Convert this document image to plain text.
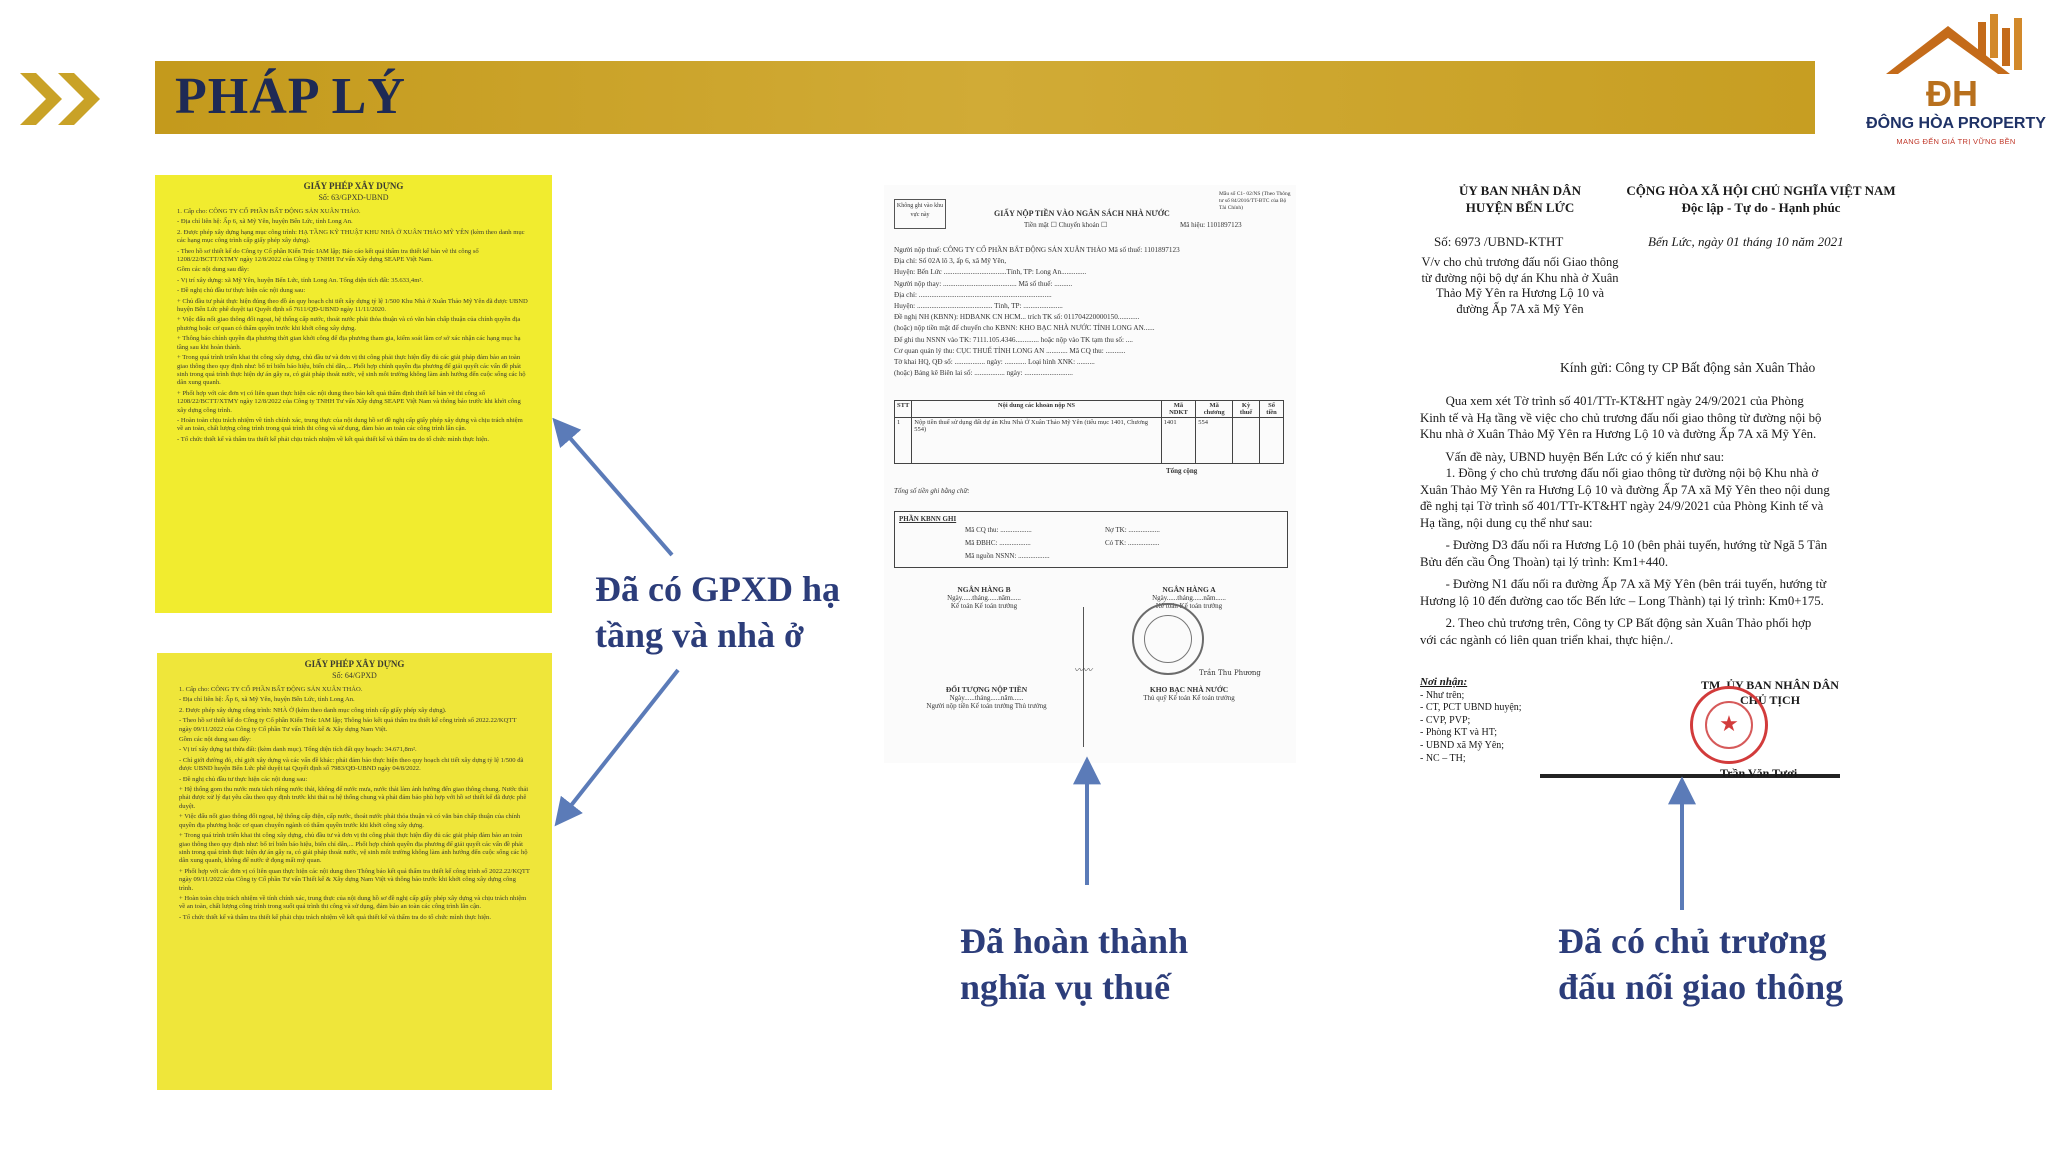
PHÁP LÝ	ĐH
ĐÔNG HÒA PROPERTY
MANG ĐẾN GIÁ TRỊ VỮNG BỀN
GIẤY PHÉP XÂY DỰNG
Số: 63/GPXD-UBND

1. Cấp cho: CÔNG TY CỔ PHẦN BẤT ĐỘNG SẢN XUÂN THẢO.

- Địa chỉ liên hệ: Ấp 6, xã Mỹ Yên, huyện Bến Lức, tỉnh Long An.

2. Được phép xây dựng hạng mục công trình: HẠ TẦNG KỸ THUẬT KHU NHÀ Ở XUÂN THẢO MỸ YÊN (kèm theo danh mục các hạng mục công trình cấp giấy phép xây dựng).

- Theo hồ sơ thiết kế do Công ty Cổ phần Kiến Trúc IAM lập; Báo cáo kết quả thẩm tra thiết kế bản vẽ thi công số 1208/22/BCTT/XTMY ngày 12/8/2022 của Công ty TNHH Tư vấn Xây dựng SEAPE Việt Nam.

Gồm các nội dung sau đây:

- Vị trí xây dựng: xã Mỹ Yên, huyện Bến Lức, tỉnh Long An. Tổng diện tích đất: 35.633,4m².

- Đề nghị chủ đầu tư thực hiện các nội dung sau:

+ Chủ đầu tư phải thực hiện đúng theo đồ án quy hoạch chi tiết xây dựng tỷ lệ 1/500 Khu Nhà ở Xuân Thảo Mỹ Yên đã được UBND huyện Bến Lức phê duyệt tại Quyết định số 7611/QĐ-UBND ngày 11/11/2020.

+ Việc đấu nối giao thông đối ngoại, hệ thống cấp nước, thoát nước phải thỏa thuận và có văn bản chấp thuận của chính quyền địa phương hoặc cơ quan có thẩm quyền trước khi khởi công xây dựng.

+ Thông báo chính quyền địa phương thời gian khởi công để địa phương tham gia, kiểm soát làm cơ sở xác nhận các hạng mục hạ tầng sau khi hoàn thành.

+ Trong quá trình triển khai thi công xây dựng, chủ đầu tư và đơn vị thi công phải thực hiện đầy đủ các giải pháp đảm bảo an toàn giao thông theo quy định như: bố trí biển báo hiệu, biển chỉ dẫn,... Phối hợp chính quyền địa phương để giải quyết các vấn đề phát sinh trong quá trình thực hiện dự án gây ra, có giải pháp thoát nước, vệ sinh môi trường không làm ảnh hưởng đến cuộc sống các hộ dân xung quanh.

+ Phối hợp với các đơn vị có liên quan thực hiện các nội dung theo báo kết quả thẩm định thiết kế bản vẽ thi công số 1208/22/BCTT/XTMY ngày 12/8/2022 của Công ty TNHH Tư vấn Xây dựng SEAPE Việt Nam và thông báo trước khi khởi công xây dựng công trình.

- Hoàn toàn chịu trách nhiệm về tính chính xác, trung thực của nội dung hồ sơ đề nghị cấp giấy phép xây dựng và chịu trách nhiệm về an toàn, chất lượng công trình trong quá trình thi công và sử dụng, đảm bảo an toàn các công trình lân cận.

- Tổ chức thiết kế và thẩm tra thiết kế phải chịu trách nhiệm về kết quả thiết kế và thẩm tra do tổ chức mình thực hiện.

GIẤY PHÉP XÂY DỰNG
Số: 64/GPXD

1. Cấp cho: CÔNG TY CỔ PHẦN BẤT ĐỘNG SẢN XUÂN THẢO.

- Địa chỉ liên hệ: Ấp 6, xã Mỹ Yên, huyện Bến Lức, tỉnh Long An.

2. Được phép xây dựng công trình: NHÀ Ở (kèm theo danh mục công trình cấp giấy phép xây dựng).

- Theo hồ sơ thiết kế do Công ty Cổ phần Kiến Trúc IAM lập; Thông báo kết quả thẩm tra thiết kế công trình số 2022.22/KQTT ngày 09/11/2022 của Công ty Cổ phần Tư vấn Thiết kế & Xây dựng Nam Việt.

Gồm các nội dung sau đây:

- Vị trí xây dựng tại thửa đất: (kèm danh mục). Tổng diện tích đất quy hoạch: 34.671,8m².

- Chỉ giới đường đỏ, chỉ giới xây dựng và các vấn đề khác: phải đảm bảo thực hiện theo quy hoạch chi tiết xây dựng tỷ lệ 1/500 đã được UBND huyện Bến Lức phê duyệt tại Quyết định số 7983/QĐ-UBND ngày 04/8/2022.

- Đề nghị chủ đầu tư thực hiện các nội dung sau:

+ Hệ thống gom thu nước mưa tách riêng nước thải, không để nước mưa, nước thải làm ảnh hưởng đến giao thông chung. Nước thải phải được xử lý đạt yêu cầu theo quy định trước khi thải ra hệ thống chung và phải đảm bảo phù hợp với hồ sơ thiết kế đã được phê duyệt.

+ Việc đấu nối giao thông đối ngoại, hệ thống cấp điện, cấp nước, thoát nước phải thỏa thuận và có văn bản chấp thuận của chính quyền địa phương hoặc cơ quan chuyên ngành có thẩm quyền trước khi khởi công xây dựng.

+ Trong quá trình triển khai thi công xây dựng, chủ đầu tư và đơn vị thi công phải thực hiện đầy đủ các giải pháp đảm bảo an toàn giao thông theo quy định như: bố trí biển báo hiệu, biển chỉ dẫn,... Phối hợp chính quyền địa phương để giải quyết các vấn đề phát sinh trong quá trình thực hiện dự án gây ra, có giải pháp thoát nước, vệ sinh môi trường không làm ảnh hưởng đến cuộc sống các hộ dân xung quanh, không để nước ứ đọng mất mỹ quan.

+ Phối hợp với các đơn vị có liên quan thực hiện các nội dung theo Thông báo kết quả thẩm tra thiết kế công trình số 2022.22/KQTT ngày 09/11/2022 của Công ty Cổ phần Tư vấn Thiết kế & Xây dựng Nam Việt và thông báo trước khi khởi công xây dựng công trình.

+ Hoàn toàn chịu trách nhiệm về tính chính xác, trung thực của nội dung hồ sơ đề nghị cấp giấy phép xây dựng và chịu trách nhiệm về an toàn, chất lượng công trình trong suốt quá trình thi công và sử dụng, đảm bảo an toàn các công trình lân cận.

- Tổ chức thiết kế và thẩm tra thiết kế phải chịu trách nhiệm về kết quả thiết kế và thẩm tra do tổ chức mình thực hiện.

Không ghi vào khu vực này	GIẤY NỘP TIỀN VÀO NGÂN SÁCH NHÀ NƯỚC
Tiền mặt ☐ Chuyển khoản ☐
Mẫu số C1- 02/NS (Theo Thông tư số 84/2016/TT-BTC của Bộ Tài Chính)
Mã hiệu: 1101897123
Người nộp thuế: CÔNG TY CỔ PHẦN BẤT ĐỘNG SẢN XUÂN THẢO Mã số thuế: 1101897123
Địa chỉ: Số 02A lô 3, ấp 6, xã Mỹ Yên,
Huyện: Bến Lức ...................................Tỉnh, TP: Long An..............
Người nộp thay: ......................................... Mã số thuế: ..........
Địa chỉ: ..........................................................................
Huyện: .......................................... Tỉnh, TP: ......................
Đề nghị NH (KBNN): HDBANK CN HCM... trích TK số: 011704220000150............
(hoặc) nộp tiền mặt để chuyển cho KBNN: KHO BẠC NHÀ NƯỚC TỈNH LONG AN......
Để ghi thu NSNN vào TK: 7111.105.4346............. hoặc nộp vào TK tạm thu số: ....
Cơ quan quản lý thu: CỤC THUẾ TỈNH LONG AN ............ Mã CQ thu: ...........
Tờ khai HQ, QĐ số: ................. ngày: ............ Loại hình XNK: ..........
(hoặc) Bảng kê Biên lai số: ................. ngày: ...........................
STT	Nội dung các khoản nộp NS	Mã NDKT	Mã chương	Kỳ thuế	Số tiền
1	Nộp tiền thuế sử dụng đất dự án Khu Nhà Ở Xuân Thảo Mỹ Yên (tiểu mục 1401, Chương 554)	1401	554		
Tổng cộng
Tổng số tiền ghi bằng chữ:
PHẦN KBNN GHI
Mã CQ thu: ..................
Mã ĐBHC: ..................
Mã nguồn NSNN: ..................
Nợ TK: ..................
Có TK: ..................
NGÂN HÀNG B
Ngày......tháng......năm......
Kế toán Kế toán trưởng
NGÂN HÀNG A
Ngày......tháng......năm......
Kế toán Kế toán trưởng
〰〰	Trần Thu Phương
ĐỐI TƯỢNG NỘP TIỀN
Ngày......tháng......năm......
Người nộp tiền Kế toán trưởng Thủ trưởng
KHO BẠC NHÀ NƯỚC
Thủ quỹ Kế toán Kế toán trưởng
ỦY BAN NHÂN DÂN
HUYỆN BẾN LỨC
CỘNG HÒA XÃ HỘI CHỦ NGHĨA VIỆT NAM
Độc lập - Tự do - Hạnh phúc
Số: 6973 /UBND-KTHT	Bến Lức, ngày 01 tháng 10 năm 2021
V/v cho chủ trương đấu nối Giao thông từ đường nội bộ dự án Khu nhà ở Xuân Thảo Mỹ Yên ra Hương Lộ 10 và đường Ấp 7A xã Mỹ Yên
Kính gửi: Công ty CP Bất động sản Xuân Thảo

Qua xem xét Tờ trình số 401/TTr-KT&HT ngày 24/9/2021 của Phòng

Kinh tế và Hạ tầng về việc cho chủ trương đấu nối giao thông từ đường nội bộ

Khu nhà ở Xuân Thảo Mỹ Yên ra Hương Lộ 10 và đường Ấp 7A xã Mỹ Yên.

Vấn đề này, UBND huyện Bến Lức có ý kiến như sau:

1. Đồng ý cho chủ trương đấu nối giao thông từ đường nội bộ Khu nhà ở

Xuân Thảo Mỹ Yên ra Hương Lộ 10 và đường Ấp 7A xã Mỹ Yên theo nội dung

đề nghị tại Tờ trình số 401/TTr-KT&HT ngày 24/9/2021 của Phòng Kinh tế và

Hạ tầng, nội dung cụ thể như sau:

- Đường D3 đấu nối ra Hương Lộ 10 (bên phải tuyến, hướng từ Ngã 5 Tân

Bửu đến cầu Ông Thoàn) tại lý trình: Km1+440.

- Đường N1 đấu nối ra đường Ấp 7A xã Mỹ Yên (bên trái tuyến, hướng từ

Hương lộ 10 đến đường cao tốc Bến lức – Long Thành) tại lý trình: Km0+175.

2. Theo chủ trương trên, Công ty CP Bất động sản Xuân Thảo phối hợp

với các ngành có liên quan triển khai, thực hiện./.

Nơi nhận:
- Như trên;
- CT, PCT UBND huyện;
- CVP, PVP;
- Phòng KT và HT;
- UBND xã Mỹ Yên;
- NC – TH;
TM. ỦY BAN NHÂN DÂN
CHỦ TỊCH
★
Trần Văn Tươi
Đã có GPXD hạ
tầng và nhà ở
Đã hoàn thành
nghĩa vụ thuế
Đã có chủ trương
đấu nối giao thông
